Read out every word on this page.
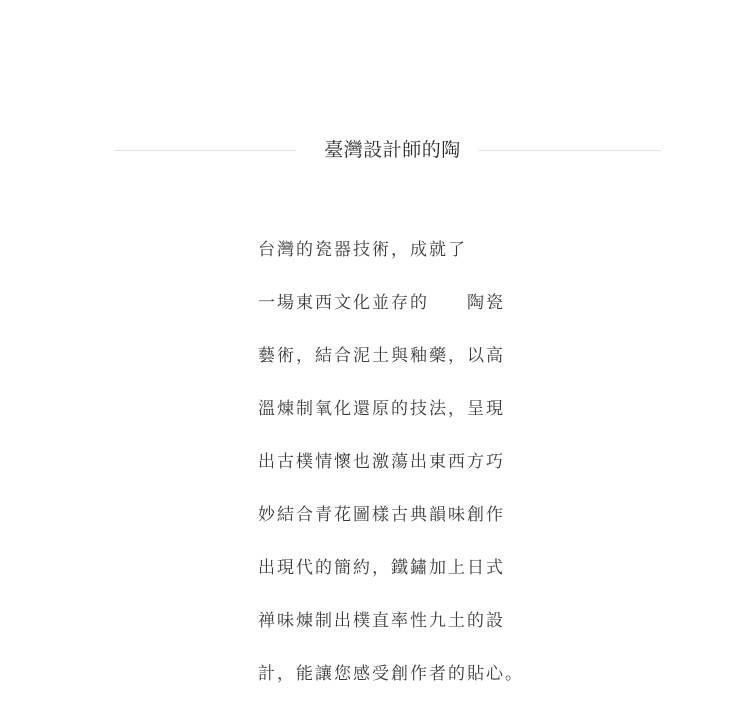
臺灣設計師的陶
台灣的瓷器技術，成就了
一場東西文化並存的　　陶瓷
藝術，結合泥土與釉藥，以高
溫煉制氧化還原的技法，呈現
出古樸情懷也激蕩出東西方巧
妙結合青花圖樣古典韻味創作
出現代的簡約，鐵鏽加上日式
禅味煉制出樸直率性九土的設
計，能讓您感受創作者的貼心。
